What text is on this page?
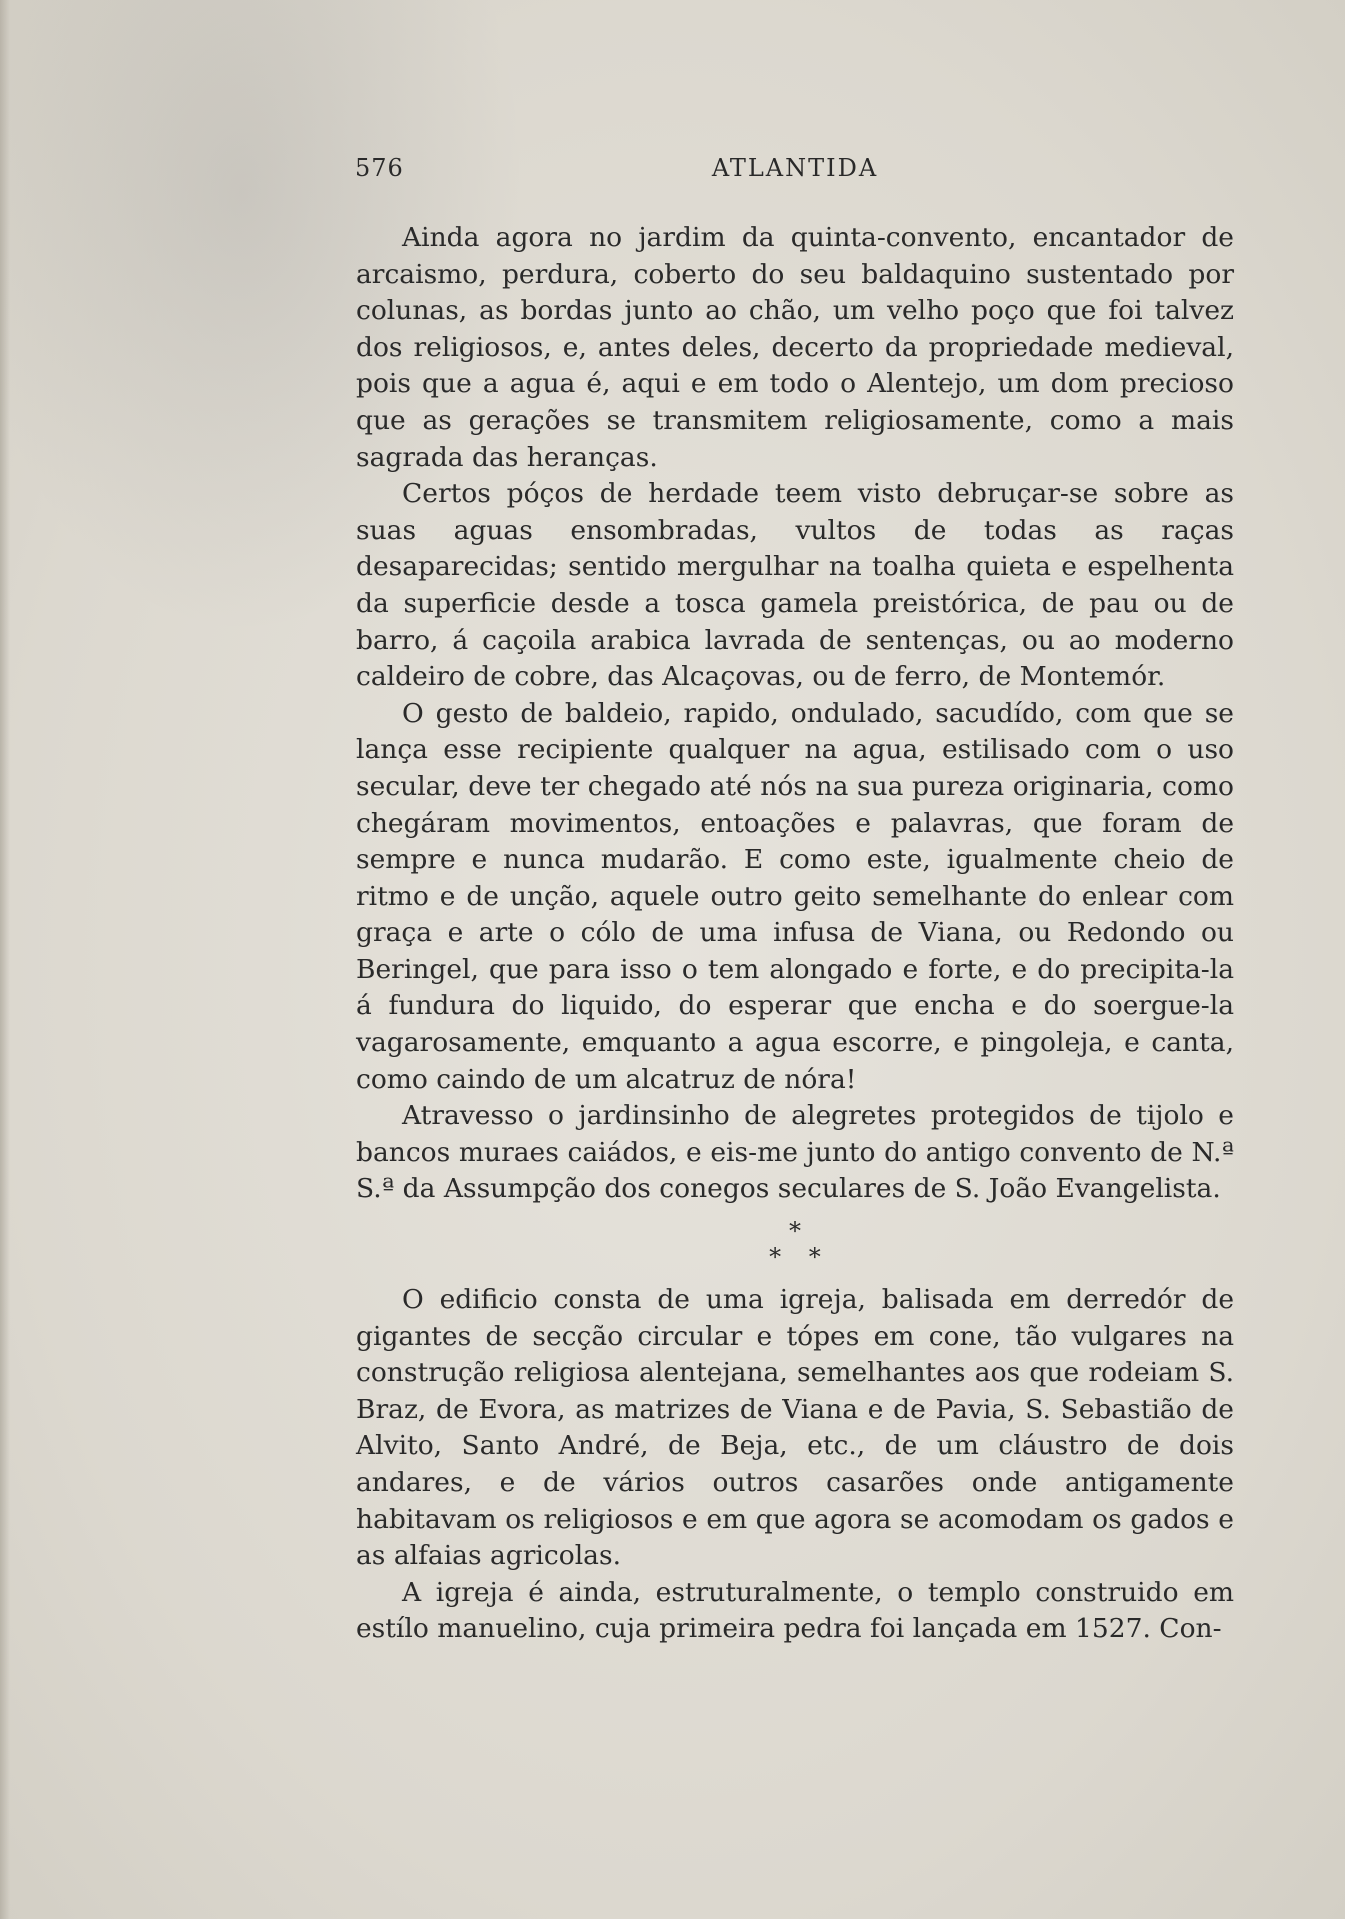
576	ATLANTIDA

Ainda agora no jardim da quinta-convento, encantador de arcaismo, perdura, coberto do seu baldaquino sustentado por colunas, as bordas junto ao chão, um velho poço que foi talvez dos religiosos, e, antes deles, decerto da propriedade medieval, pois que a agua é, aqui e em todo o Alentejo, um dom precioso que as gerações se transmitem religiosamente, como a mais sagrada das heranças.

Certos póços de herdade teem visto debruçar-se sobre as suas aguas ensombradas, vultos de todas as raças desaparecidas; sentido mergulhar na toalha quieta e espelhenta da superficie desde a tosca gamela preistórica, de pau ou de barro, á caçoila arabica lavrada de sentenças, ou ao moderno caldeiro de cobre, das Alcaçovas, ou de ferro, de Montemór.

O gesto de baldeio, rapido, ondulado, sacudído, com que se lança esse recipiente qualquer na agua, estilisado com o uso secular, deve ter chegado até nós na sua pureza originaria, como chegáram movimentos, entoações e palavras, que foram de sempre e nunca mudarão. E como este, igualmente cheio de ritmo e de unção, aquele outro geito semelhante do enlear com graça e arte o cólo de uma infusa de Viana, ou Redondo ou Beringel, que para isso o tem alongado e forte, e do precipita-la á fundura do liquido, do esperar que encha e do soergue-la vagarosamente, emquanto a agua escorre, e pingoleja, e canta, como caindo de um alcatruz de nóra!

Atravesso o jardinsinho de alegretes protegidos de tijolo e bancos muraes caiádos, e eis-me junto do antigo convento de N.ª S.ª da Assumpção dos conegos seculares de S. João Evangelista.

*
* *

O edificio consta de uma igreja, balisada em derredór de gigantes de secção circular e tópes em cone, tão vulgares na construção religiosa alentejana, semelhantes aos que rodeiam S. Braz, de Evora, as matrizes de Viana e de Pavia, S. Sebastião de Alvito, Santo André, de Beja, etc., de um cláustro de dois andares, e de vários outros casarões onde antigamente habitavam os religiosos e em que agora se acomodam os gados e as alfaias agricolas.

A igreja é ainda, estruturalmente, o templo construido em estílo manuelino, cuja primeira pedra foi lançada em 1527. Con-
